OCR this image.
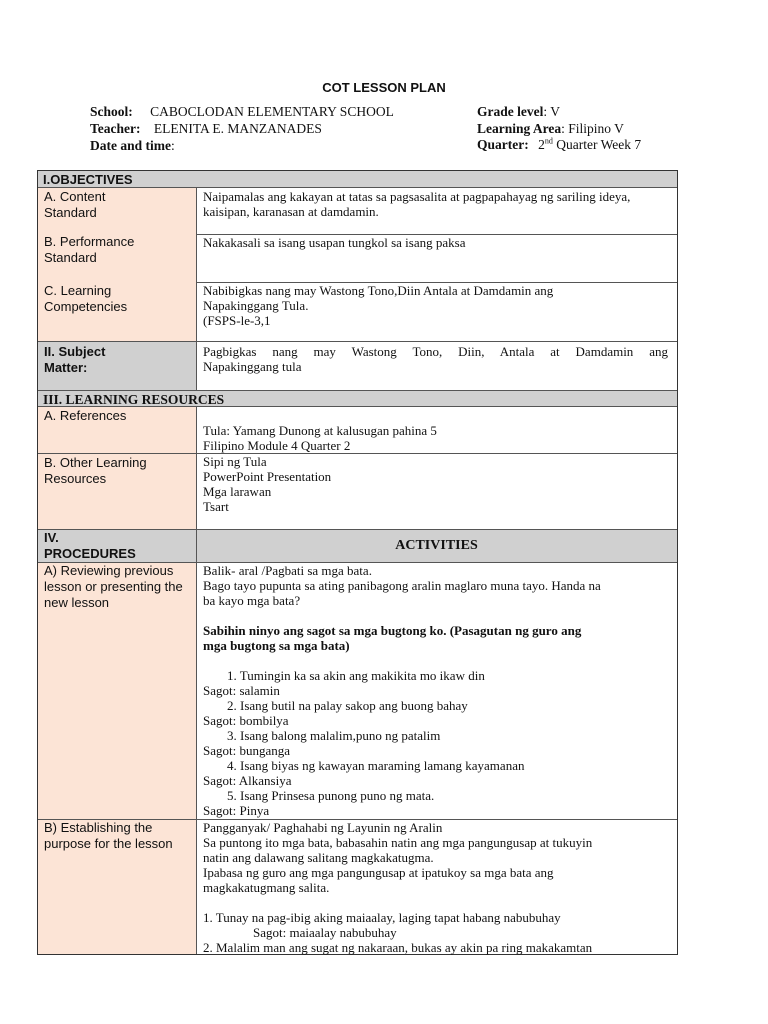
COT LESSON PLAN
School: CABOCLODAN ELEMENTARY SCHOOL
Teacher: ELENITA E. MANZANADES
Date and time:
Grade level: V
Learning Area: Filipino V
Quarter: 2nd Quarter Week 7
I.OBJECTIVES
A. Content Standard
Naipamalas ang kakayan at tatas sa pagsasalita at pagpapahayag ng sariling ideya, kaisipan, karanasan at damdamin.
B. Performance Standard
Nakakasali sa isang usapan tungkol sa isang paksa
C. Learning Competencies
Nabibigkas nang may Wastong Tono,Diin Antala at Damdamin ang
Napakinggang Tula.
(FSPS-le-3,1
II. Subject Matter:
Pagbigkas nang may Wastong Tono, Diin, Antala at Damdamin ang
Napakinggang tula
III. LEARNING RESOURCES
A. References
Tula: Yamang Dunong at kalusugan pahina 5
Filipino Module 4 Quarter 2
B. Other Learning Resources
Sipi ng Tula
PowerPoint Presentation
Mga larawan
Tsart
IV. PROCEDURES
ACTIVITIES
A) Reviewing previous lesson or presenting the new lesson
Balik- aral /Pagbati sa mga bata.
Bago tayo pupunta sa ating panibagong aralin maglaro muna tayo. Handa na
ba kayo mga bata?
Sabihin ninyo ang sagot sa mga bugtong ko. (Pasagutan ng guro ang
mga bugtong sa mga bata)
1. Tumingin ka sa akin ang makikita mo ikaw din
Sagot: salamin
2. Isang butil na palay sakop ang buong bahay
Sagot: bombilya
3. Isang balong malalim,puno ng patalim
Sagot: bunganga
4. Isang biyas ng kawayan maraming lamang kayamanan
Sagot: Alkansiya
5. Isang Prinsesa punong puno ng mata.
Sagot: Pinya
B) Establishing the purpose for the lesson
Pangganyak/ Paghahabi ng Layunin ng Aralin
Sa puntong ito mga bata, babasahin natin ang mga pangungusap at tukuyin
natin ang dalawang salitang magkakatugma.
Ipabasa ng guro ang mga pangungusap at ipatukoy sa mga bata ang
magkakatugmang salita.
1. Tunay na pag-ibig aking maiaalay, laging tapat habang nabubuhay
Sagot: maiaalay nabubuhay
2. Malalim man ang sugat ng nakaraan, bukas ay akin pa ring makakamtan
